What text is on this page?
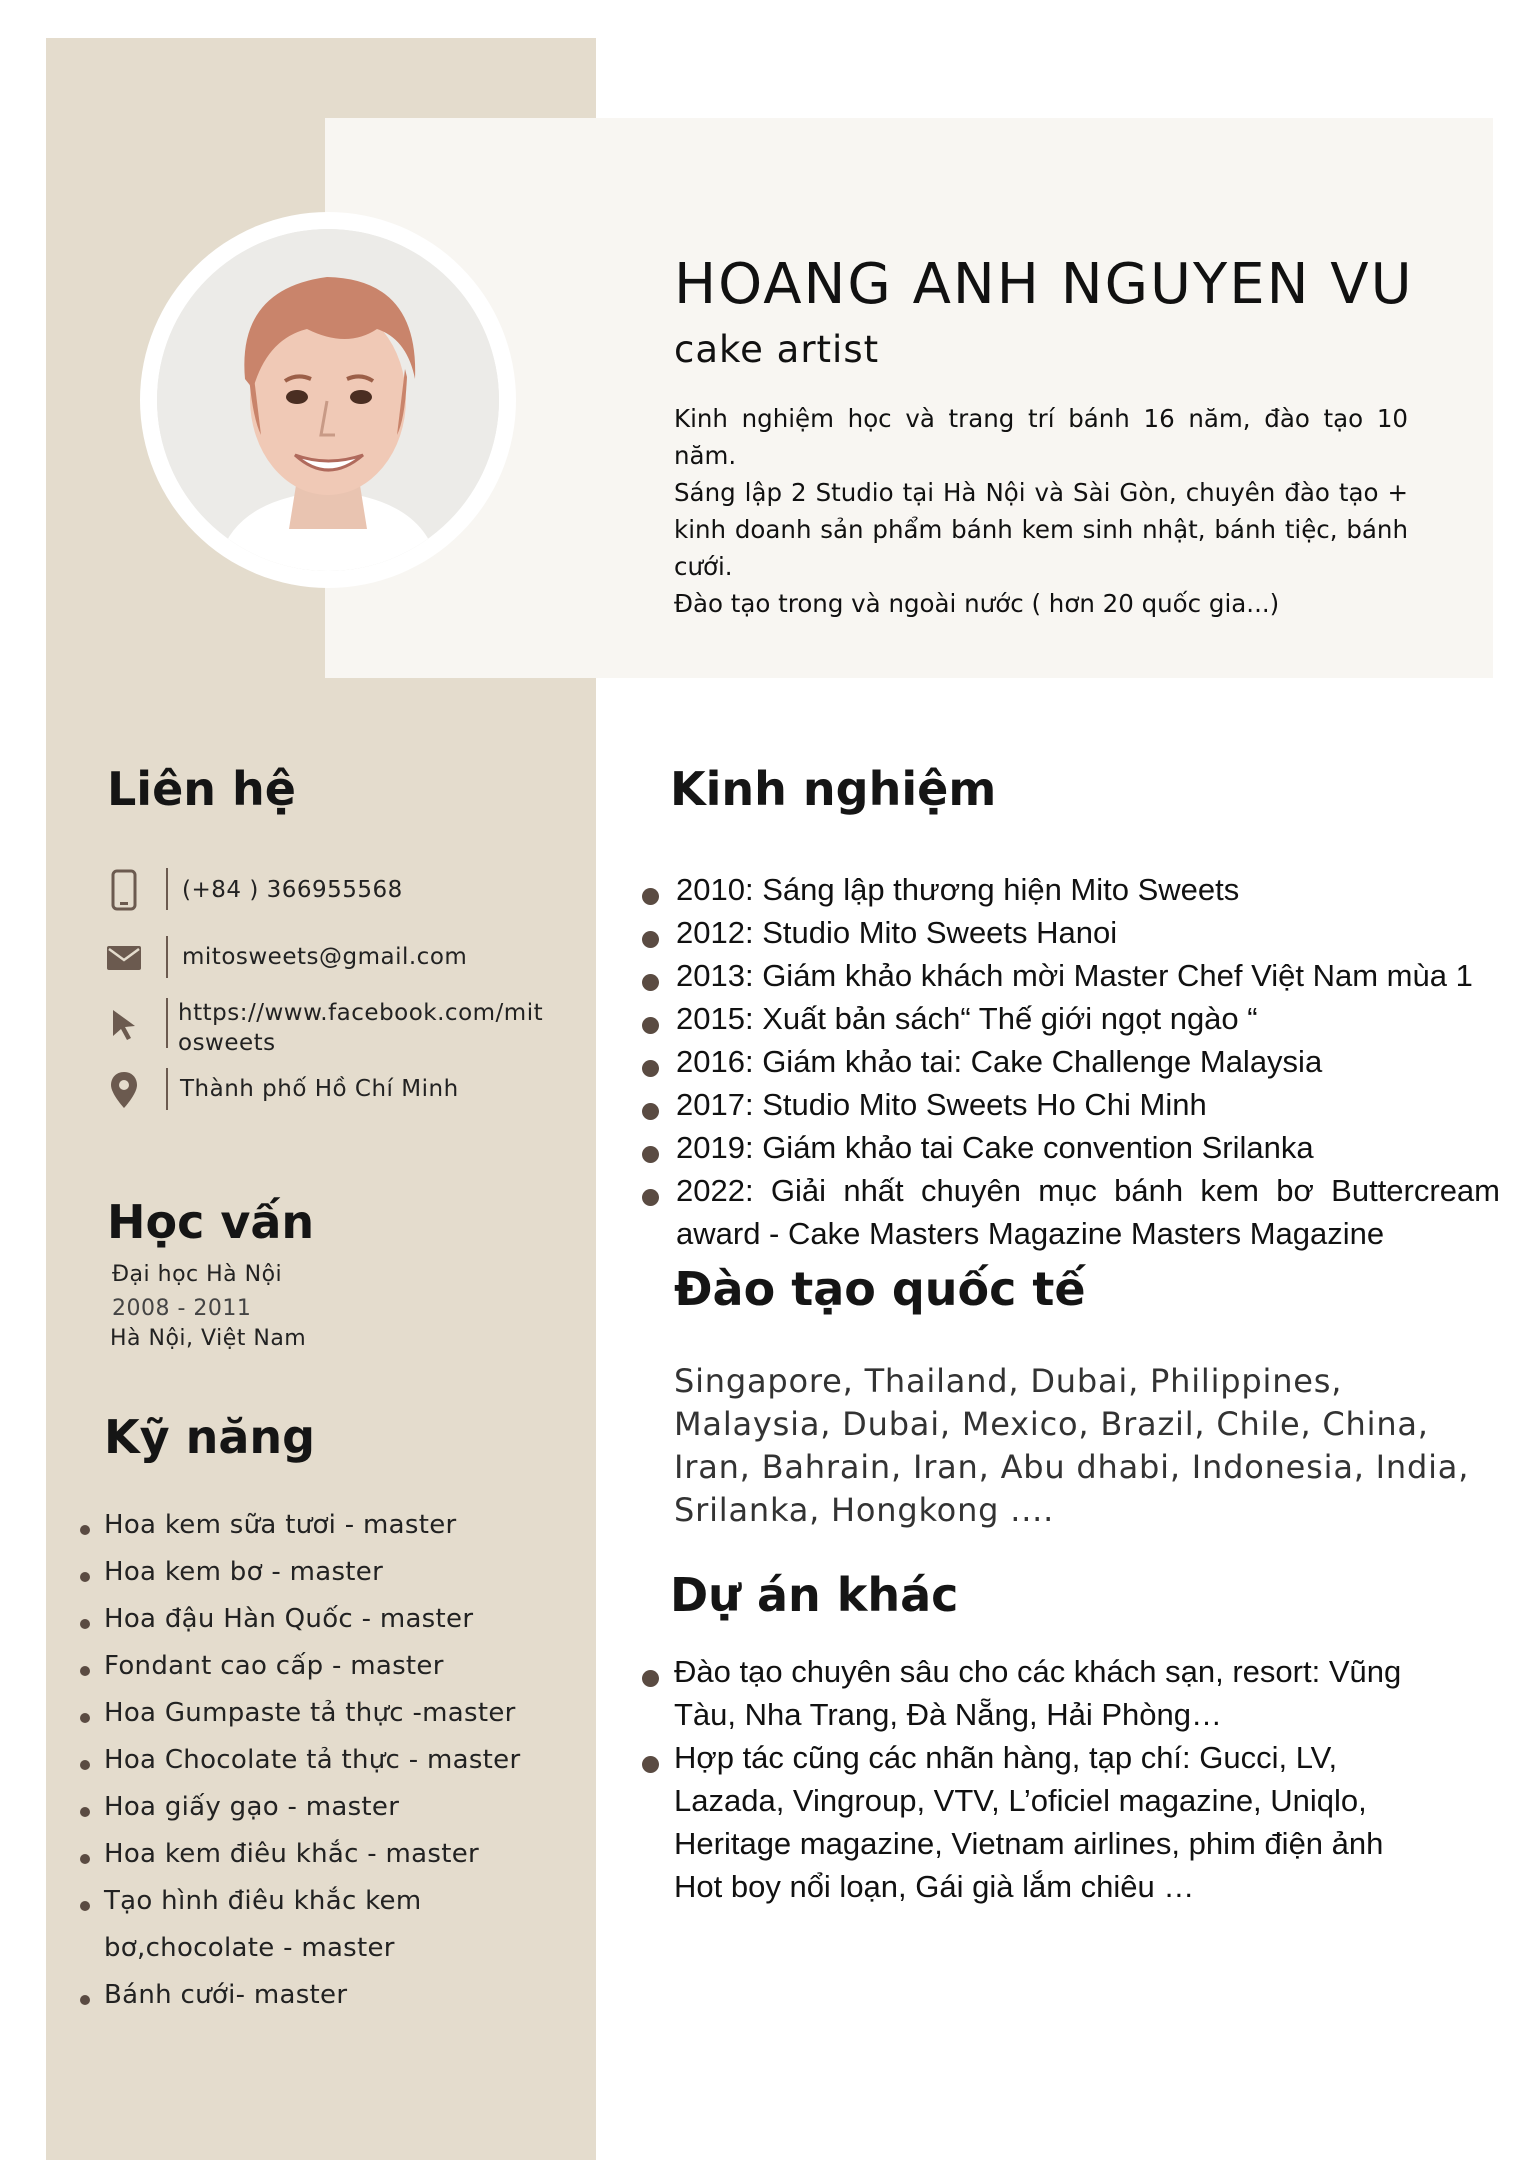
HOANG ANH NGUYEN VU
cake artist
Kinh nghiệm học và trang trí bánh 16 năm, đào tạo 10 năm.
Sáng lập 2 Studio tại Hà Nội và Sài Gòn, chuyên đào tạo + kinh doanh sản phẩm bánh kem sinh nhật, bánh tiệc, bánh cưới.
Đào tạo trong và ngoài nước ( hơn 20 quốc gia...)
Liên hệ
(+84 ) 366955568
mitosweets@gmail.com
https://www.facebook.com/mit
osweets
Thành phố Hồ Chí Minh
Học vấn
Đại học Hà Nội
2008 - 2011
Hà Nội, Việt Nam
Kỹ năng
Hoa kem sữa tươi - master
Hoa kem bơ - master
Hoa đậu Hàn Quốc - master
Fondant cao cấp - master
Hoa Gumpaste tả thực -master
Hoa Chocolate tả thực - master
Hoa giấy gạo - master
Hoa kem điêu khắc - master
Tạo hình điêu khắc kem bơ,chocolate - master
Bánh cưới- master
Kinh nghiệm
2010: Sáng lập thương hiện Mito Sweets
2012: Studio Mito Sweets Hanoi
2013: Giám khảo khách mời Master Chef Việt Nam mùa 1
2015: Xuất bản sách“ Thế giới ngọt ngào “
2016: Giám khảo tai: Cake Challenge Malaysia
2017: Studio Mito Sweets Ho Chi Minh
2019: Giám khảo tai Cake convention Srilanka
2022: Giải nhất chuyên mục bánh kem bơ Buttercream award - Cake Masters Magazine Masters Magazine
Đào tạo quốc tế
Singapore, Thailand, Dubai, Philippines, Malaysia, Dubai, Mexico, Brazil, Chile, China, Iran, Bahrain, Iran, Abu dhabi, Indonesia, India, Srilanka, Hongkong ....
Dự án khác
Đào tạo chuyên sâu cho các khách sạn, resort: Vũng Tàu, Nha Trang, Đà Nẵng, Hải Phòng…
Hợp tác cũng các nhãn hàng, tạp chí: Gucci, LV, Lazada, Vingroup, VTV, L’oficiel magazine, Uniqlo, Heritage magazine, Vietnam airlines, phim điện ảnh Hot boy nổi loạn, Gái già lắm chiêu …
